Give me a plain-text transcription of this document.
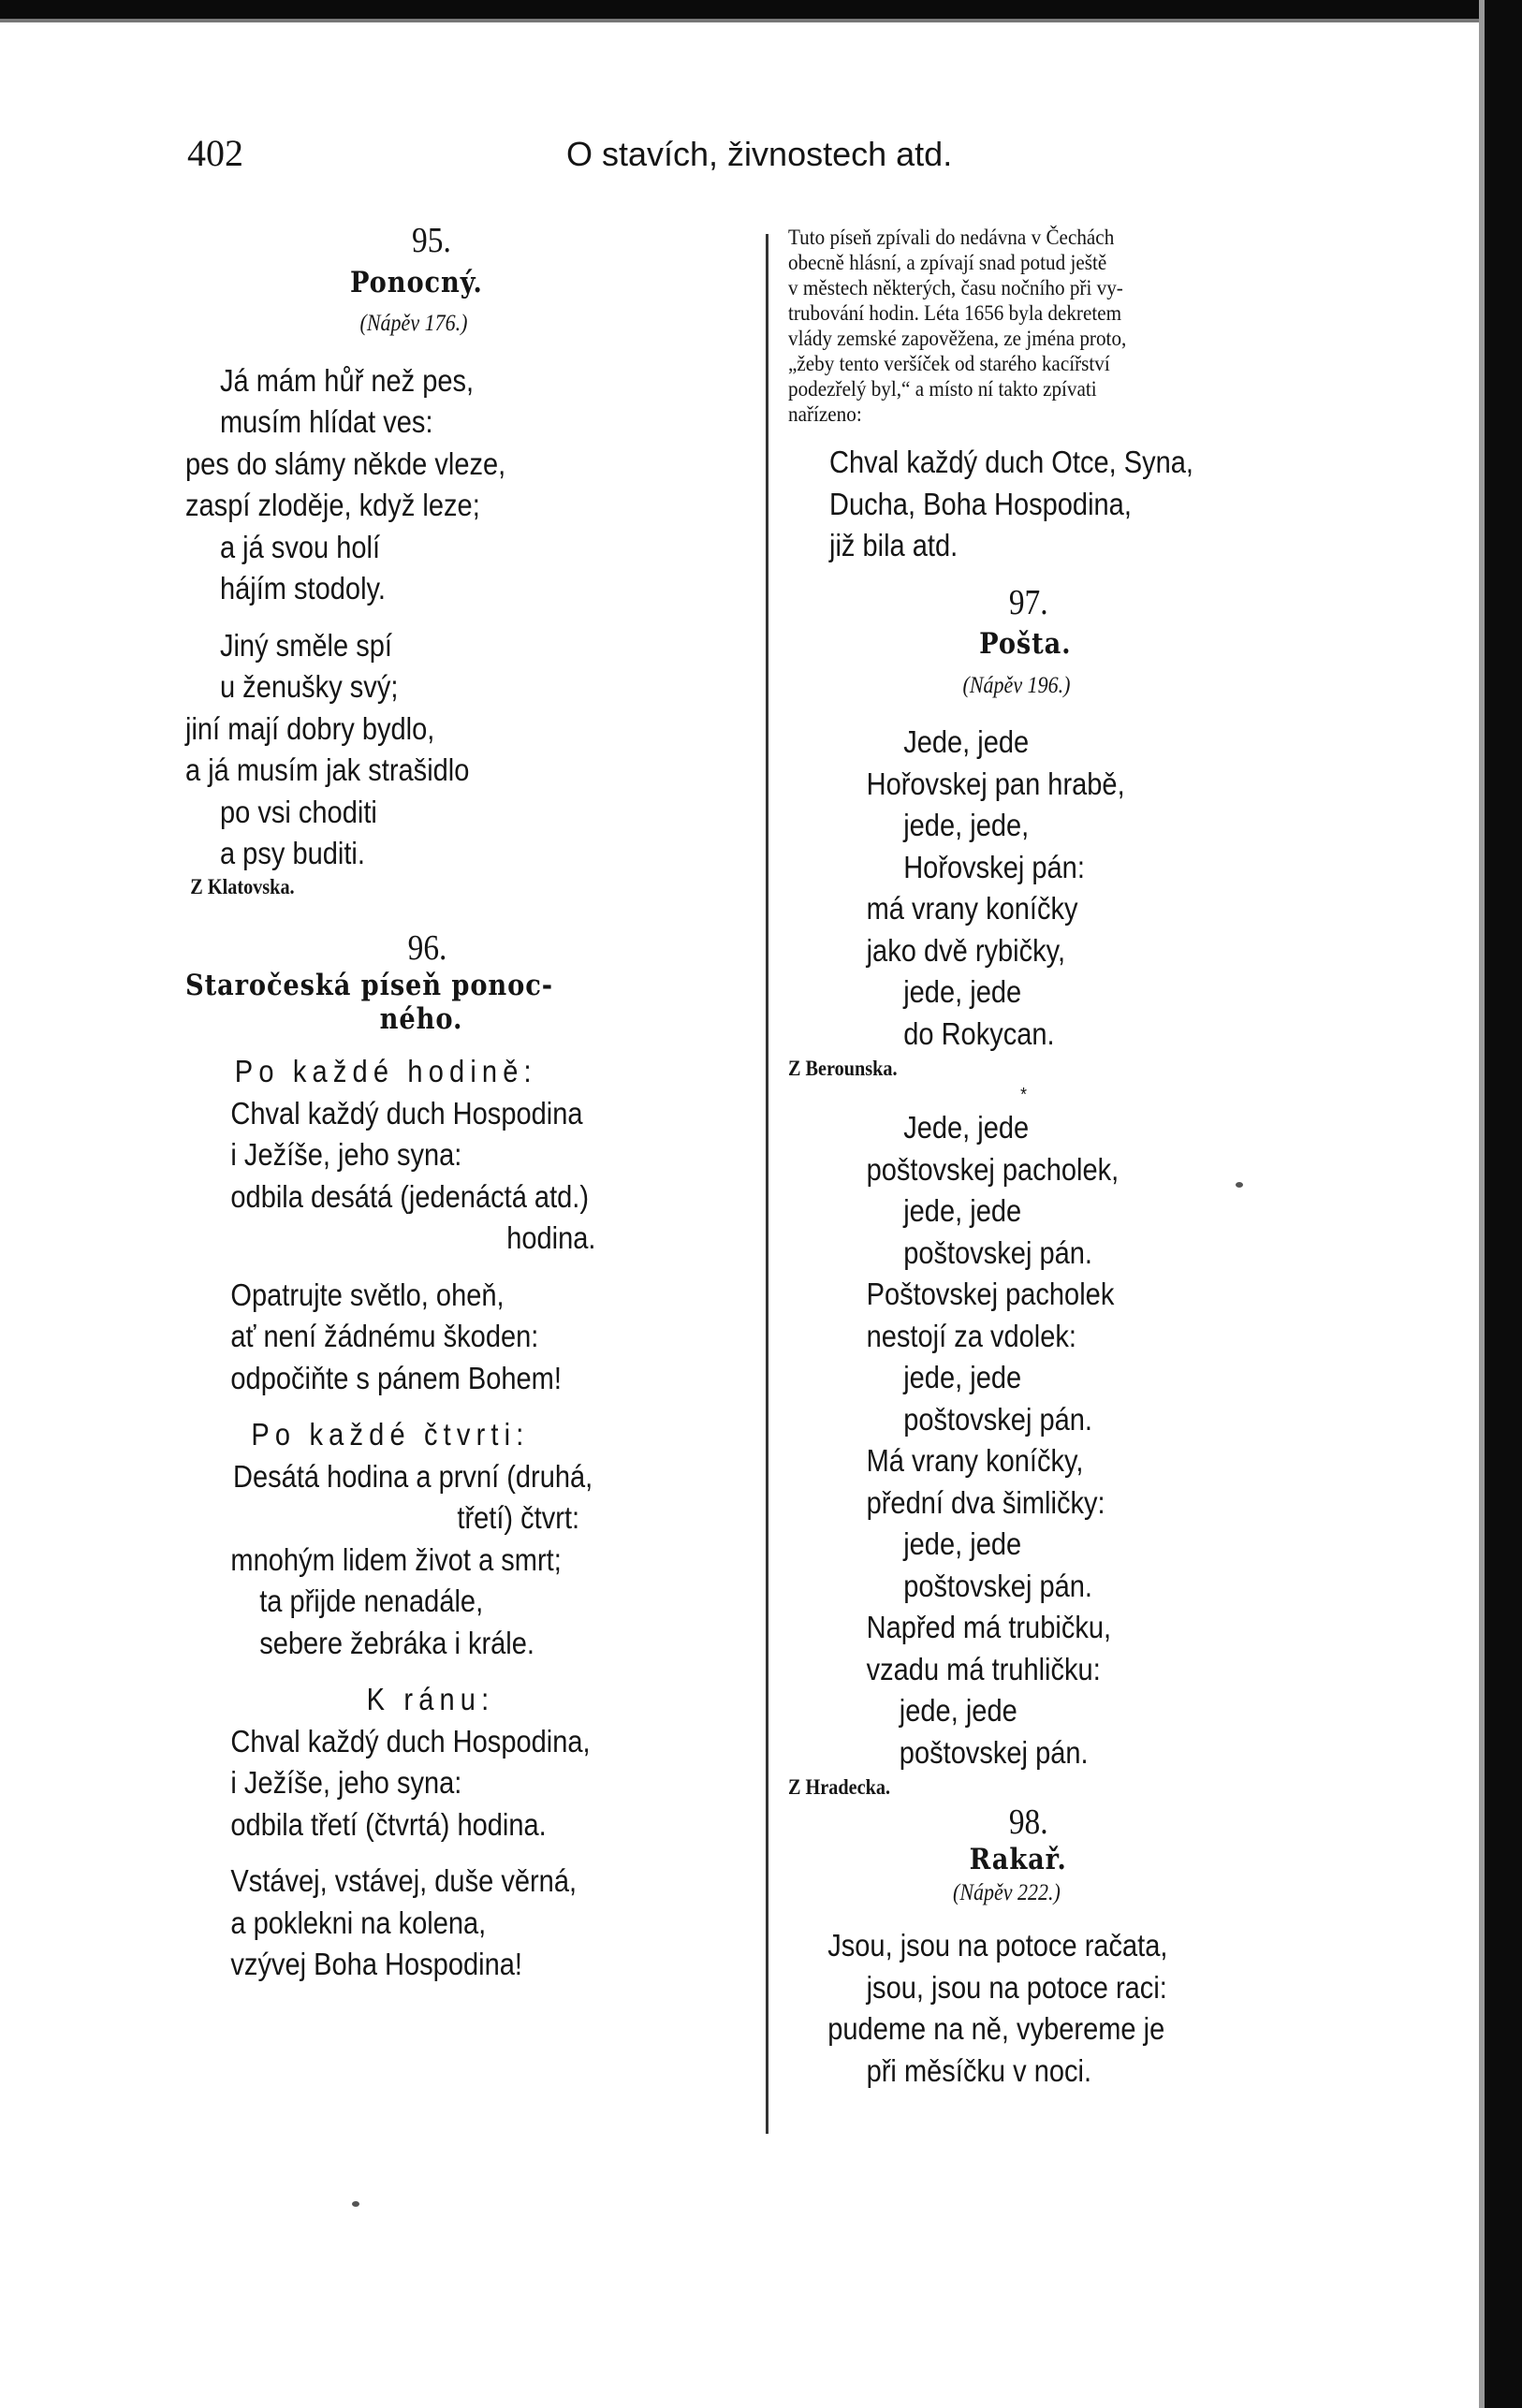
402	O stavích, živnostech atd.
95.
Ponocný.
(Nápěv 176.)
Já mám hůř než pes,
musím hlídat ves:
pes do slámy někde vleze,
zaspí zloděje, když leze;
a já svou holí
hájím stodoly.
Jiný směle spí
u ženušky svý;
jiní mají dobry bydlo,
a já musím jak strašidlo
po vsi choditi
a psy buditi.
Z Klatovska.
96.
Staročeská píseň ponoc-
ného.
Po každé hodině:
Chval každý duch Hospodina
i Ježíše, jeho syna:
odbila desátá (jedenáctá atd.)
hodina.
Opatrujte světlo, oheň,
ať není žádnému škoden:
odpočiňte s pánem Bohem!
Po každé čtvrti:
Desátá hodina a první (druhá,
třetí) čtvrt:
mnohým lidem život a smrt;
ta přijde nenadále,
sebere žebráka i krále.
K ránu:
Chval každý duch Hospodina,
i Ježíše, jeho syna:
odbila třetí (čtvrtá) hodina.
Vstávej, vstávej, duše věrná,
a poklekni na kolena,
vzývej Boha Hospodina!
Tuto píseň zpívali do nedávna v Čechách
obecně hlásní, a zpívají snad potud ještě
v městech některých, času nočního při vy-
trubování hodin. Léta 1656 byla dekretem
vlády zemské zapověžena, ze jména proto,
„žeby tento veršíček od starého kacířství
podezřelý byl,“ a místo ní takto zpívati
nařízeno:
Chval každý duch Otce, Syna,
Ducha, Boha Hospodina,
již bila atd.
97.
Pošta.
(Nápěv 196.)
Jede, jede
Hořovskej pan hrabě,
jede, jede,
Hořovskej pán:
má vrany koníčky
jako dvě rybičky,
jede, jede
do Rokycan.
Z Berounska.
*
Jede, jede
poštovskej pacholek,
jede, jede
poštovskej pán.
Poštovskej pacholek
nestojí za vdolek:
jede, jede
poštovskej pán.
Má vrany koníčky,
přední dva šimličky:
jede, jede
poštovskej pán.
Napřed má trubičku,
vzadu má truhličku:
jede, jede
poštovskej pán.
Z Hradecka.
98.
Rakař.
(Nápěv 222.)
Jsou, jsou na potoce račata,
jsou, jsou na potoce raci:
pudeme na ně, vybereme je
při měsíčku v noci.
